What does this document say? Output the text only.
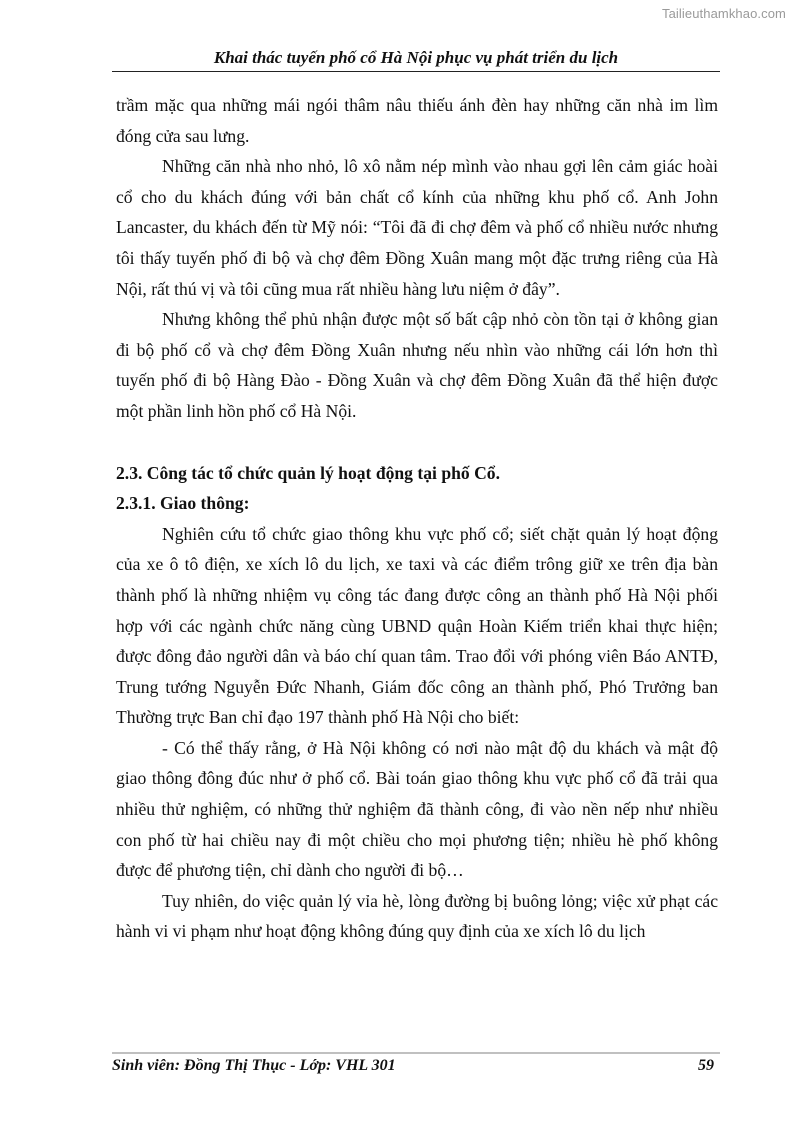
Tailieuthamkhao.com
Khai thác tuyến phố cổ Hà Nội phục vụ phát triển du lịch

trầm mặc qua những mái ngói thâm nâu thiếu ánh đèn hay những căn nhà im lìm đóng cửa sau lưng.

Những căn nhà nho nhỏ, lô xô nằm nép mình vào nhau gợi lên cảm giác hoài cổ cho du khách đúng với bản chất cổ kính của những khu phố cổ. Anh John Lancaster, du khách đến từ Mỹ nói: “Tôi đã đi chợ đêm và phố cổ nhiều nước nhưng tôi thấy tuyến phố đi bộ và chợ đêm Đồng Xuân mang một đặc trưng riêng của Hà Nội, rất thú vị và tôi cũng mua rất nhiều hàng lưu niệm ở đây”.

Nhưng không thể phủ nhận được một số bất cập nhỏ còn tồn tại ở không gian đi bộ phố cổ và chợ đêm Đồng Xuân nhưng nếu nhìn vào những cái lớn hơn thì tuyến phố đi bộ Hàng Đào - Đồng Xuân và chợ đêm Đồng Xuân đã thể hiện được một phần linh hồn phố cổ Hà Nội.

2.3. Công tác tổ chức quản lý hoạt động tại phố Cổ.

2.3.1. Giao thông:

Nghiên cứu tổ chức giao thông khu vực phố cổ; siết chặt quản lý hoạt động của xe ô tô điện, xe xích lô du lịch, xe taxi và các điểm trông giữ xe trên địa bàn thành phố là những nhiệm vụ công tác đang được công an thành phố Hà Nội phối hợp với các ngành chức năng cùng UBND quận Hoàn Kiếm triển khai thực hiện; được đông đảo người dân và báo chí quan tâm. Trao đổi với phóng viên Báo ANTĐ, Trung tướng Nguyễn Đức Nhanh, Giám đốc công an thành phố, Phó Trưởng ban Thường trực Ban chỉ đạo 197 thành phố Hà Nội cho biết:

- Có thể thấy rằng, ở Hà Nội không có nơi nào mật độ du khách và mật độ giao thông đông đúc như ở phố cổ. Bài toán giao thông khu vực phố cổ đã trải qua nhiều thử nghiệm, có những thử nghiệm đã thành công, đi vào nền nếp như nhiều con phố từ hai chiều nay đi một chiều cho mọi phương tiện; nhiều hè phố không được để phương tiện, chỉ dành cho người đi bộ…

Tuy nhiên, do việc quản lý vỉa hè, lòng đường bị buông lỏng; việc xử phạt các hành vi vi phạm như hoạt động không đúng quy định của xe xích lô du lịch

Sinh viên: Đồng Thị Thục - Lớp: VHL 301	59
